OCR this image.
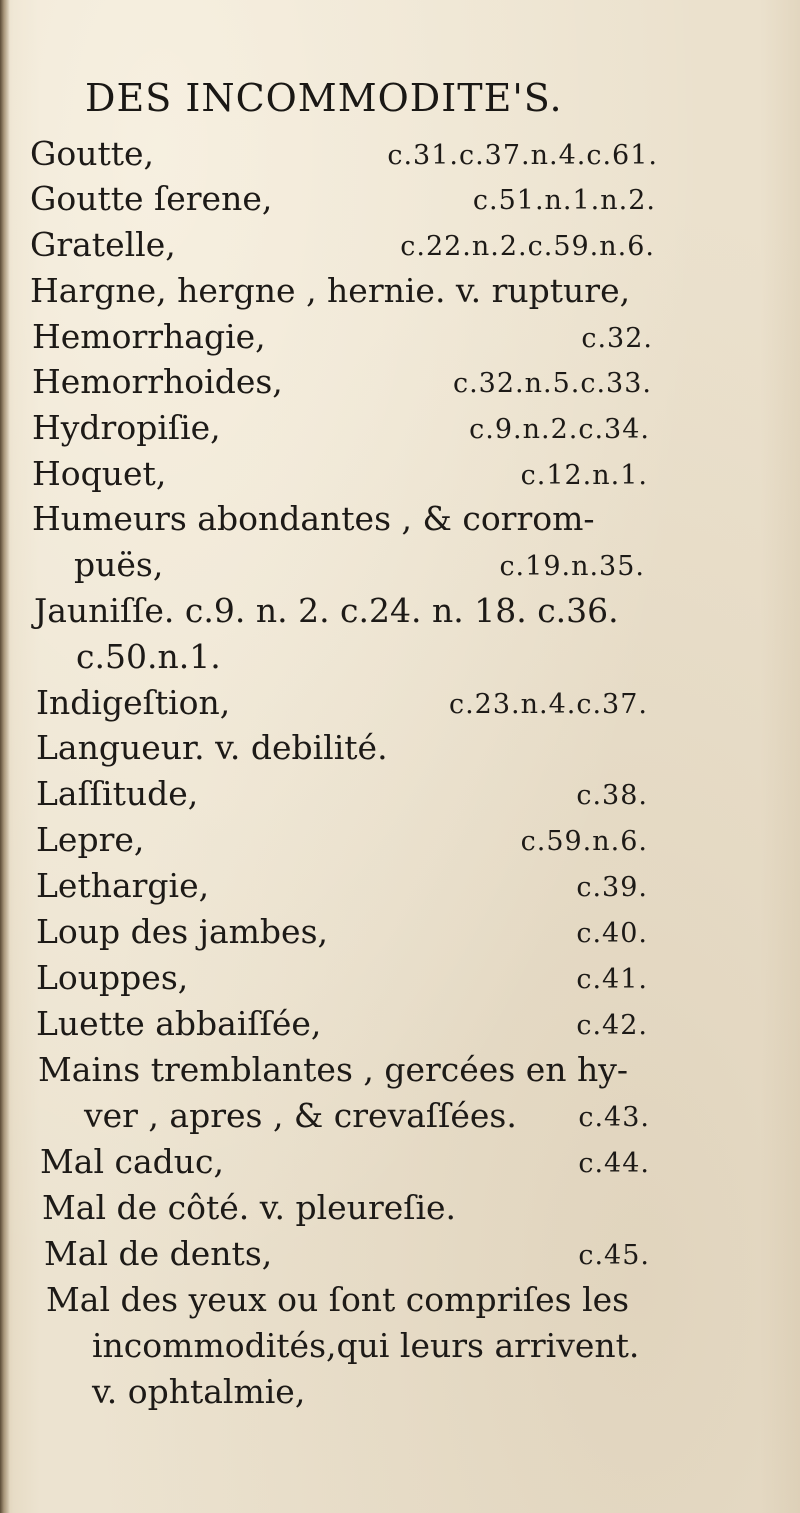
DES INCOMMODITE'S.
Goutte,	c.31.c.37.n.4.c.61.
Goutte ſerene,	c.51.n.1.n.2.
Gratelle,	c.22.n.2.c.59.n.6.
Hargne, hergne , hernie. v. rupture,
Hemorrhagie,	c.32.
Hemorrhoides,	c.32.n.5.c.33.
Hydropiſie,	c.9.n.2.c.34.
Hoquet,	c.12.n.1.
Humeurs abondantes , & corrom-
puës,	c.19.n.35.
Jauniſſe. c.9. n. 2. c.24. n. 18. c.36.
c.50.n.1.
Indigeſtion,	c.23.n.4.c.37.
Langueur. v. debilité.
Laſſitude,	c.38.
Lepre,	c.59.n.6.
Lethargie,	c.39.
Loup des jambes,	c.40.
Louppes,	c.41.
Luette abbaiſſée,	c.42.
Mains tremblantes , gercées en hy-
ver , apres , & crevaſſées. c.43.
Mal caduc,	c.44.
Mal de côté. v. pleureſie.
Mal de dents,	c.45.
Mal des yeux ou ſont compriſes les
incommodités,qui leurs arrivent.
v. ophtalmie,
